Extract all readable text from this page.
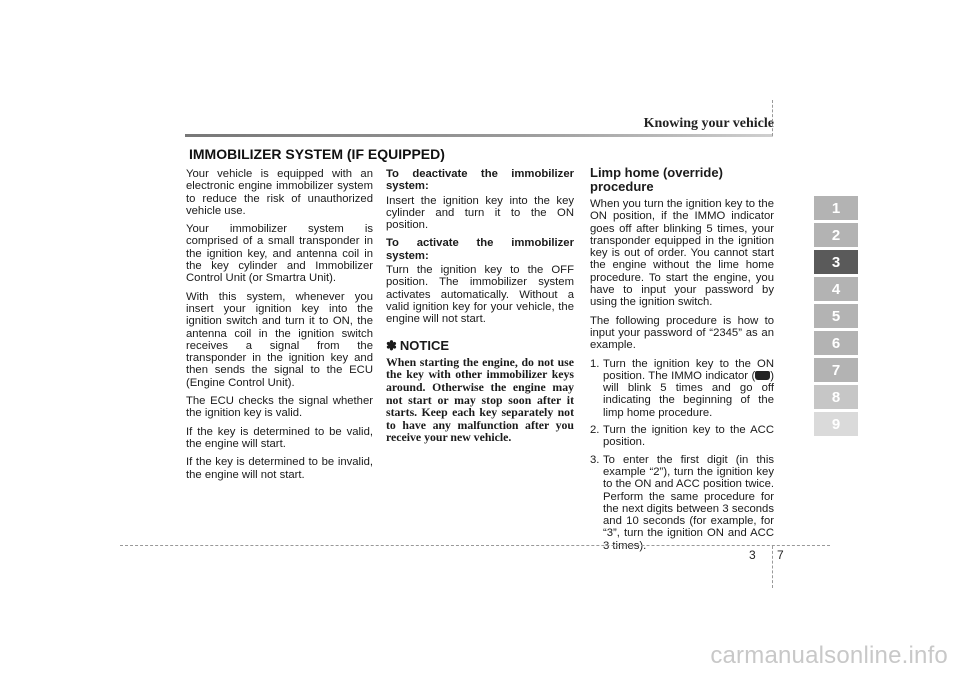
Knowing your vehicle
IMMOBILIZER SYSTEM (IF EQUIPPED)

Your vehicle is equipped with an electronic engine immobilizer system to reduce the risk of unauthorized vehicle use.

Your immobilizer system is comprised of a small transponder in the ignition key, and antenna coil in the key cylinder and Immobilizer Control Unit (or Smartra Unit).

With this system, whenever you insert your ignition key into the ignition switch and turn it to ON, the antenna coil in the ignition switch receives a signal from the transponder in the ignition key and then sends the signal to the ECU (Engine Control Unit).

The ECU checks the signal whether the ignition key is valid.

If the key is determined to be valid, the engine will start.

If the key is determined to be invalid, the engine will not start.

To deactivate the immobilizer system:

Insert the ignition key into the key cylinder and turn it to the ON position.

To activate the immobilizer system:

Turn the ignition key to the OFF position. The immobilizer system activates automatically. Without a valid ignition key for your vehicle, the engine will not start.

✽ NOTICE

When starting the engine, do not use the key with other immobilizer keys around. Otherwise the engine may not start or may stop soon after it starts. Keep each key separately not to have any malfunction after you receive your new vehicle.

Limp home (override) procedure

When you turn the ignition key to the ON position, if the IMMO indicator goes off after blinking 5 times, your transponder equipped in the ignition key is out of order. You cannot start the engine without the lime home procedure. To start the engine, you have to input your password by using the ignition switch.

The following procedure is how to input your password of “2345” as an example.

1. Turn the ignition key to the ON position. The IMMO indicator ( ) will blink 5 times and go off indicating the beginning of the limp home procedure.
2. Turn the ignition key to the ACC position.
3. To enter the first digit (in this example “2”), turn the ignition key to the ON and ACC position twice. Perform the same procedure for the next digits between 3 seconds and 10 seconds (for example, for “3”, turn the ignition ON and ACC 3 times).
1
2
3
4
5
6
7
8
9
3 7
carmanualsonline.info
